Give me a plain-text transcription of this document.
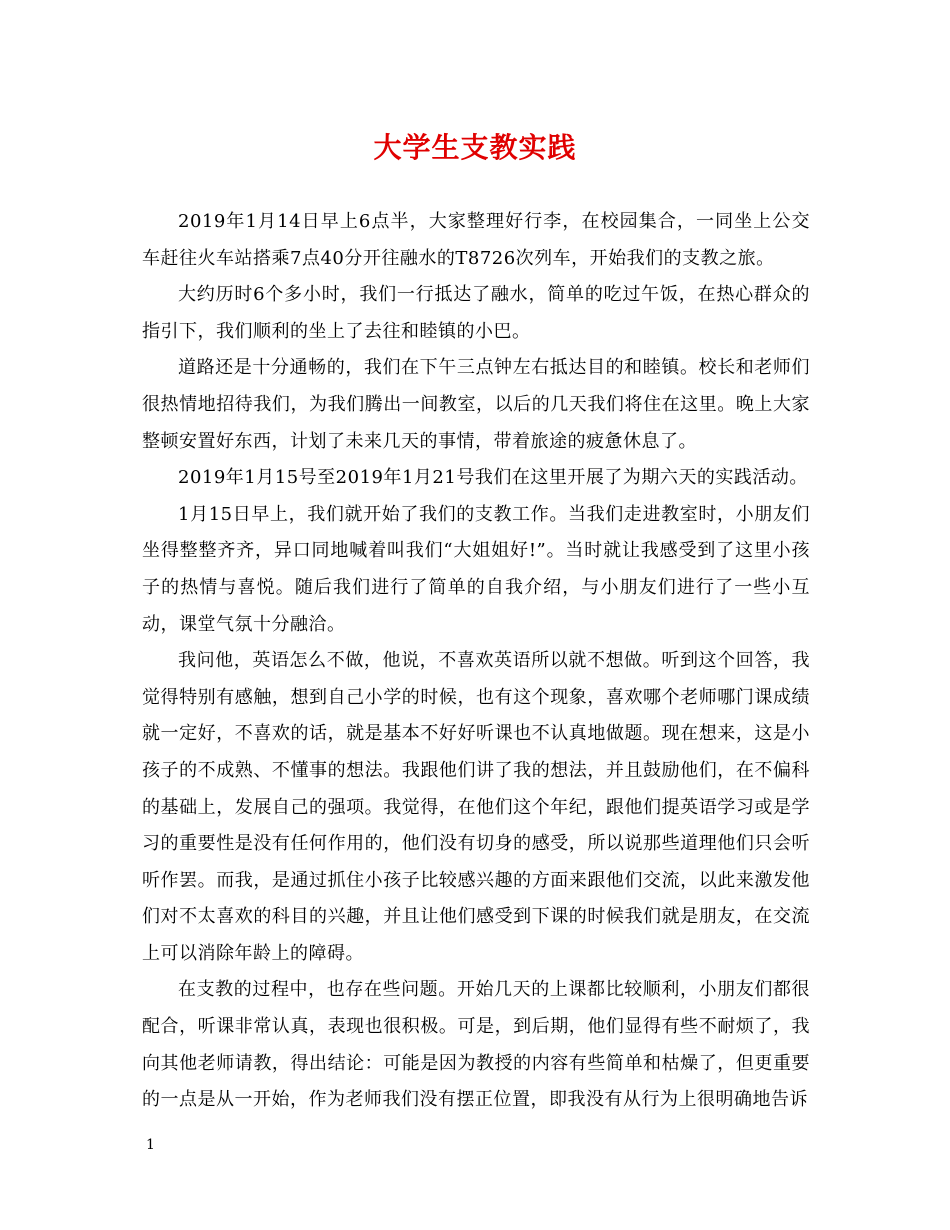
大学生支教实践

2019年1月14日早上6点半，大家整理好行李，在校园集合，一同坐上公交车赶往火车站搭乘7点40分开往融水的T8726次列车，开始我们的支教之旅。

大约历时6个多小时，我们一行抵达了融水，简单的吃过午饭，在热心群众的指引下，我们顺利的坐上了去往和睦镇的小巴。

道路还是十分通畅的，我们在下午三点钟左右抵达目的和睦镇。校长和老师们很热情地招待我们，为我们腾出一间教室，以后的几天我们将住在这里。晚上大家整顿安置好东西，计划了未来几天的事情，带着旅途的疲惫休息了。

2019年1月15号至2019年1月21号我们在这里开展了为期六天的实践活动。

1月15日早上，我们就开始了我们的支教工作。当我们走进教室时，小朋友们坐得整整齐齐，异口同地喊着叫我们“大姐姐好!”。当时就让我感受到了这里小孩子的热情与喜悦。随后我们进行了简单的自我介绍，与小朋友们进行了一些小互动，课堂气氛十分融洽。

我问他，英语怎么不做，他说，不喜欢英语所以就不想做。听到这个回答，我觉得特别有感触，想到自己小学的时候，也有这个现象，喜欢哪个老师哪门课成绩就一定好，不喜欢的话，就是基本不好好听课也不认真地做题。现在想来，这是小孩子的不成熟、不懂事的想法。我跟他们讲了我的想法，并且鼓励他们，在不偏科的基础上，发展自己的强项。我觉得，在他们这个年纪，跟他们提英语学习或是学习的重要性是没有任何作用的，他们没有切身的感受，所以说那些道理他们只会听听作罢。而我，是通过抓住小孩子比较感兴趣的方面来跟他们交流，以此来激发他们对不太喜欢的科目的兴趣，并且让他们感受到下课的时候我们就是朋友，在交流上可以消除年龄上的障碍。

在支教的过程中，也存在些问题。开始几天的上课都比较顺利，小朋友们都很配合，听课非常认真，表现也很积极。可是，到后期，他们显得有些不耐烦了，我向其他老师请教，得出结论：可能是因为教授的内容有些简单和枯燥了，但更重要的一点是从一开始，作为老师我们没有摆正位置，即我没有从行为上很明确地告诉

1
